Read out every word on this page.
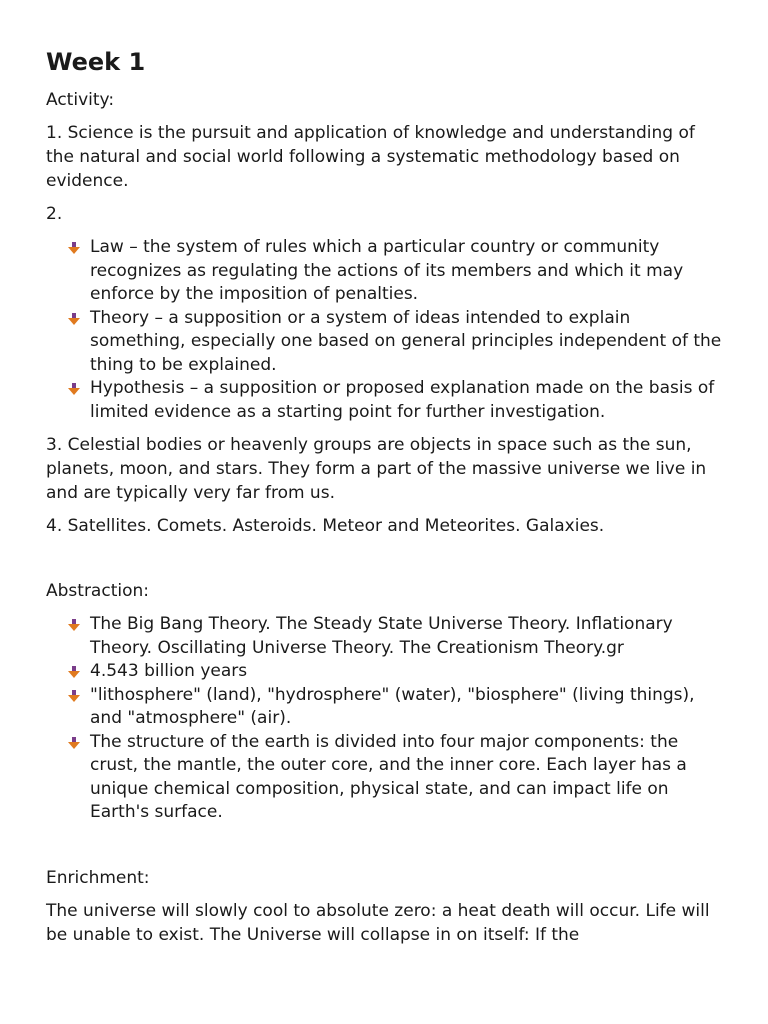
Week 1
Activity:

1. Science is the pursuit and application of knowledge and understanding of the natural and social world following a systematic methodology based on evidence.

2.

Law – the system of rules which a particular country or community recognizes as regulating the actions of its members and which it may enforce by the imposition of penalties.
Theory – a supposition or a system of ideas intended to explain something, especially one based on general principles independent of the thing to be explained.
Hypothesis – a supposition or proposed explanation made on the basis of limited evidence as a starting point for further investigation.

3. Celestial bodies or heavenly groups are objects in space such as the sun, planets, moon, and stars. They form a part of the massive universe we live in and are typically very far from us.

4. Satellites. Comets. Asteroids. Meteor and Meteorites. Galaxies.

Abstraction:
The Big Bang Theory. The Steady State Universe Theory. Inflationary Theory. Oscillating Universe Theory. The Creationism Theory.gr
4.543 billion years
"lithosphere" (land), "hydrosphere" (water), "biosphere" (living things), and "atmosphere" (air).
The structure of the earth is divided into four major components: the crust, the mantle, the outer core, and the inner core. Each layer has a unique chemical composition, physical state, and can impact life on Earth's surface.
Enrichment:

The universe will slowly cool to absolute zero: a heat death will occur. Life will be unable to exist. The Universe will collapse in on itself: If the
